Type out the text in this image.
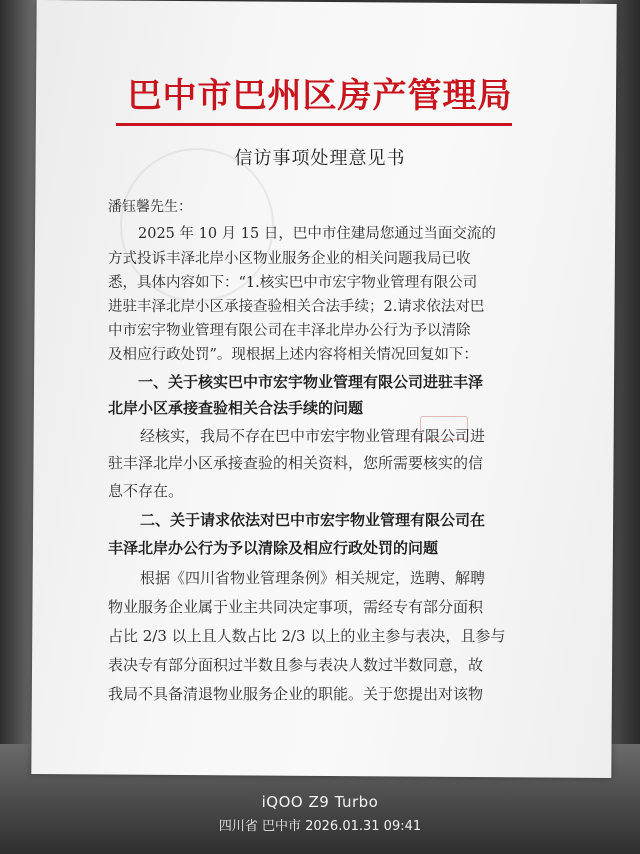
巴中市巴州区房产管理局
信访事项处理意见书
潘钰馨先生：
2025 年 10 月 15 日，巴中市住建局您通过当面交流的
方式投诉丰泽北岸小区物业服务企业的相关问题我局已收
悉，具体内容如下：“1.核实巴中市宏宇物业管理有限公司
进驻丰泽北岸小区承接查验相关合法手续；2.请求依法对巴
中市宏宇物业管理有限公司在丰泽北岸办公行为予以清除
及相应行政处罚”。现根据上述内容将相关情况回复如下：
一、关于核实巴中市宏宇物业管理有限公司进驻丰泽
北岸小区承接查验相关合法手续的问题
经核实，我局不存在巴中市宏宇物业管理有限公司进
驻丰泽北岸小区承接查验的相关资料，您所需要核实的信
息不存在。
二、关于请求依法对巴中市宏宇物业管理有限公司在
丰泽北岸办公行为予以清除及相应行政处罚的问题
根据《四川省物业管理条例》相关规定，选聘、解聘
物业服务企业属于业主共同决定事项，需经专有部分面积
占比 2/3 以上且人数占比 2/3 以上的业主参与表决，且参与
表决专有部分面积过半数且参与表决人数过半数同意，故
我局不具备清退物业服务企业的职能。关于您提出对该物
iQOO Z9 Turbo
四川省 巴中市 2026.01.31 09:41
